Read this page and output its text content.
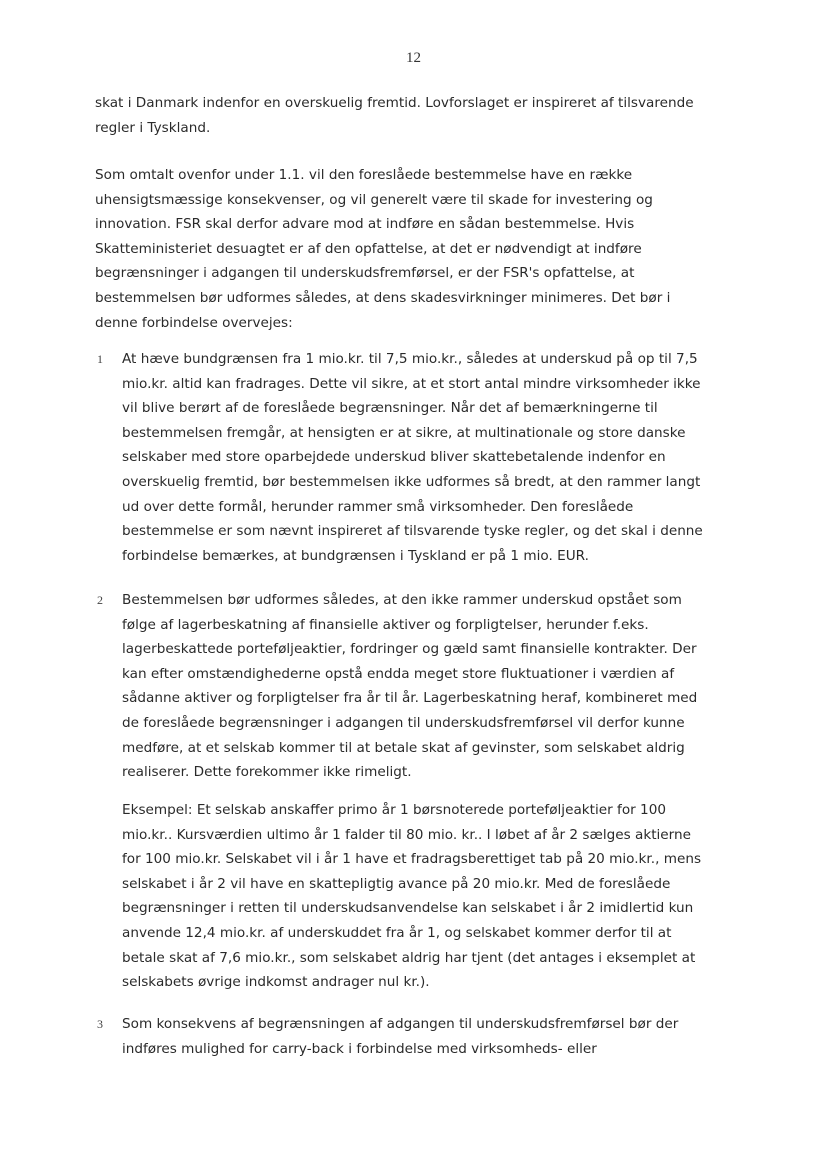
12

skat i Danmark indenfor en overskuelig fremtid. Lovforslaget er inspireret af tilsvarende
regler i Tyskland.

Som omtalt ovenfor under 1.1. vil den foreslåede bestemmelse have en række
uhensigtsmæssige konsekvenser, og vil generelt være til skade for investering og
innovation. FSR skal derfor advare mod at indføre en sådan bestemmelse. Hvis
Skatteministeriet desuagtet er af den opfattelse, at det er nødvendigt at indføre
begrænsninger i adgangen til underskudsfremførsel, er der FSR's opfattelse, at
bestemmelsen bør udformes således, at dens skadesvirkninger minimeres. Det bør i
denne forbindelse overvejes:

1 At hæve bundgrænsen fra 1 mio.kr. til 7,5 mio.kr., således at underskud på op til 7,5
mio.kr. altid kan fradrages. Dette vil sikre, at et stort antal mindre virksomheder ikke
vil blive berørt af de foreslåede begrænsninger. Når det af bemærkningerne til
bestemmelsen fremgår, at hensigten er at sikre, at multinationale og store danske
selskaber med store oparbejdede underskud bliver skattebetalende indenfor en
overskuelig fremtid, bør bestemmelsen ikke udformes så bredt, at den rammer langt
ud over dette formål, herunder rammer små virksomheder. Den foreslåede
bestemmelse er som nævnt inspireret af tilsvarende tyske regler, og det skal i denne
forbindelse bemærkes, at bundgrænsen i Tyskland er på 1 mio. EUR.

2 Bestemmelsen bør udformes således, at den ikke rammer underskud opstået som
følge af lagerbeskatning af finansielle aktiver og forpligtelser, herunder f.eks.
lagerbeskattede porteføljeaktier, fordringer og gæld samt finansielle kontrakter. Der
kan efter omstændighederne opstå endda meget store fluktuationer i værdien af
sådanne aktiver og forpligtelser fra år til år. Lagerbeskatning heraf, kombineret med
de foreslåede begrænsninger i adgangen til underskudsfremførsel vil derfor kunne
medføre, at et selskab kommer til at betale skat af gevinster, som selskabet aldrig
realiserer. Dette forekommer ikke rimeligt.

Eksempel: Et selskab anskaffer primo år 1 børsnoterede porteføljeaktier for 100
mio.kr.. Kursværdien ultimo år 1 falder til 80 mio. kr.. I løbet af år 2 sælges aktierne
for 100 mio.kr. Selskabet vil i år 1 have et fradragsberettiget tab på 20 mio.kr., mens
selskabet i år 2 vil have en skattepligtig avance på 20 mio.kr. Med de foreslåede
begrænsninger i retten til underskudsanvendelse kan selskabet i år 2 imidlertid kun
anvende 12,4 mio.kr. af underskuddet fra år 1, og selskabet kommer derfor til at
betale skat af 7,6 mio.kr., som selskabet aldrig har tjent (det antages i eksemplet at
selskabets øvrige indkomst andrager nul kr.).

3 Som konsekvens af begrænsningen af adgangen til underskudsfremførsel bør der
indføres mulighed for carry-back i forbindelse med virksomheds- eller
